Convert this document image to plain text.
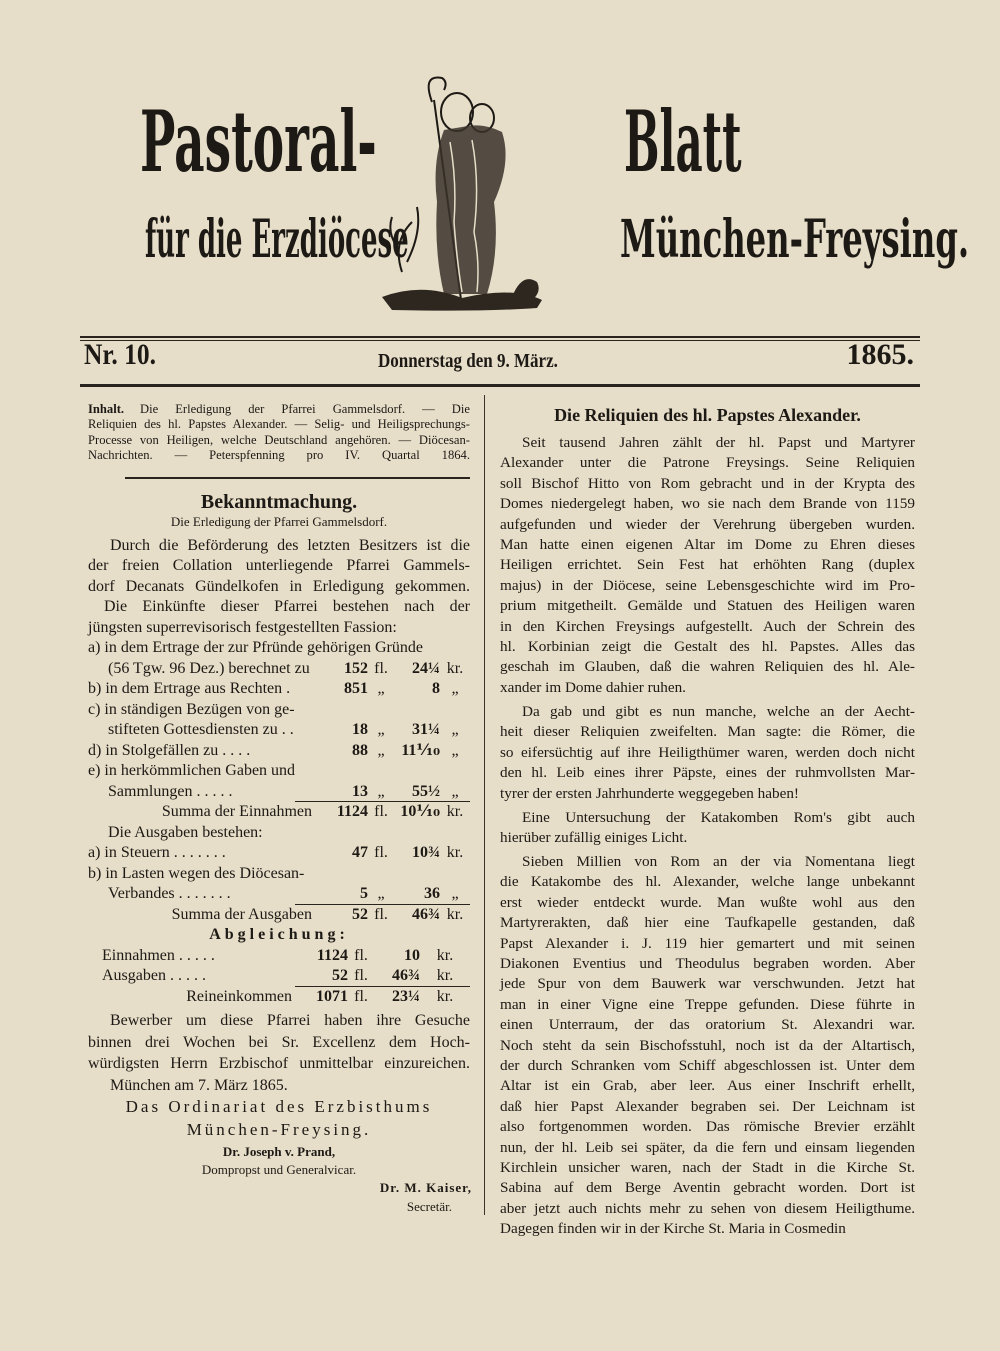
Pastoral-	Blatt
für die Erzdiöcese	München-Freysing.
Nr. 10.	Donnerstag den 9. März.	1865.
Inhalt.	Die Erledigung der Pfarrei Gammelsdorf. — Die
Reliquien des hl. Papstes Alexander. — Selig- und Heiligsprechungs-
Processe von Heiligen, welche Deutschland angehören. — Diöcesan-
Nachrichten. — Peterspfenning pro IV. Quartal 1864.
Bekanntmachung.
Die Erledigung der Pfarrei Gammelsdorf.
Durch die Beförderung des letzten Besitzers ist die
der freien Collation unterliegende Pfarrei Gammels-
dorf Decanats Gündelkofen in Erledigung gekommen.
Die Einkünfte dieser Pfarrei bestehen nach der
jüngsten superrevisorisch festgestellten Fassion:
a) in dem Ertrage der zur Pfründe gehörigen Gründe
(56 Tgw. 96 Dez.) berechnet zu	152 fl.	24¼ kr.
b) in dem Ertrage aus Rechten .	851 „	8 „
c) in ständigen Bezügen von ge-
stifteten Gottesdiensten zu . .	18 „	31¼ „
d) in Stolgefällen zu . . . .	88 „	11⅒ „
e) in herkömmlichen Gaben und
Sammlungen . . . . .	13 „	55½ „
Summa der Einnahmen	1124 fl. 10⅒ kr.
Die Ausgaben bestehen:
a) in Steuern . . . . . . .	47 fl.	10¾ kr.
b) in Lasten wegen des Diöcesan-
Verbandes . . . . . . .	5 „	36 „
Summa der Ausgaben	52 fl.	46¾ kr.
Abgleichung:
Einnahmen . . . . .	1124 fl.	10	kr.
Ausgaben . . . . .	52 fl.	46¾	kr.
Reineinkommen	1071 fl.	23¼	kr.
Bewerber um diese Pfarrei haben ihre Gesuche
binnen drei Wochen bei Sr. Excellenz dem Hoch-
würdigsten Herrn Erzbischof unmittelbar einzureichen.
München am 7. März 1865.
Das Ordinariat des Erzbisthums
München-Freysing.
Dr. Joseph v. Prand,
Dompropst und Generalvicar.
Dr. M. Kaiser,
Secretär.
Die Reliquien des hl. Papstes Alexander.
Seit tausend Jahren zählt der hl. Papst und Martyrer
Alexander unter die Patrone Freysings. Seine Reliquien
soll Bischof Hitto von Rom gebracht und in der Krypta des
Domes niedergelegt haben, wo sie nach dem Brande von 1159
aufgefunden und wieder der Verehrung übergeben wurden.
Man hatte einen eigenen Altar im Dome zu Ehren dieses
Heiligen errichtet. Sein Fest hat erhöhten Rang (duplex
majus) in der Diöcese, seine Lebensgeschichte wird im Pro-
prium mitgetheilt. Gemälde und Statuen des Heiligen waren
in den Kirchen Freysings aufgestellt. Auch der Schrein des
hl. Korbinian zeigt die Gestalt des hl. Papstes. Alles das
geschah im Glauben, daß die wahren Reliquien des hl. Ale-
xander im Dome dahier ruhen.
Da gab und gibt es nun manche, welche an der Aecht-
heit dieser Reliquien zweifelten. Man sagte: die Römer, die
so eifersüchtig auf ihre Heiligthümer waren, werden doch nicht
den hl. Leib eines ihrer Päpste, eines der ruhmvollsten Mar-
tyrer der ersten Jahrhunderte weggegeben haben!
Eine Untersuchung der Katakomben Rom's gibt auch
hierüber zufällig einiges Licht.
Sieben Millien von Rom an der via Nomentana liegt
die Katakombe des hl. Alexander, welche lange unbekannt
erst wieder entdeckt wurde. Man wußte wohl aus den
Martyrerakten, daß hier eine Taufkapelle gestanden, daß
Papst Alexander i. J. 119 hier gemartert und mit seinen
Diakonen Eventius und Theodulus begraben worden. Aber
jede Spur von dem Bauwerk war verschwunden. Jetzt hat
man in einer Vigne eine Treppe gefunden. Diese führte in
einen Unterraum, der das oratorium St. Alexandri war.
Noch steht da sein Bischofsstuhl, noch ist da der Altartisch,
der durch Schranken vom Schiff abgeschlossen ist. Unter dem
Altar ist ein Grab, aber leer. Aus einer Inschrift erhellt,
daß hier Papst Alexander begraben sei. Der Leichnam ist
also fortgenommen worden. Das römische Brevier erzählt
nun, der hl. Leib sei später, da die fern und einsam liegenden
Kirchlein unsicher waren, nach der Stadt in die Kirche St.
Sabina auf dem Berge Aventin gebracht worden. Dort ist
aber jetzt auch nichts mehr zu sehen von diesem Heiligthume.
Dagegen finden wir in der Kirche St. Maria in Cosmedin
